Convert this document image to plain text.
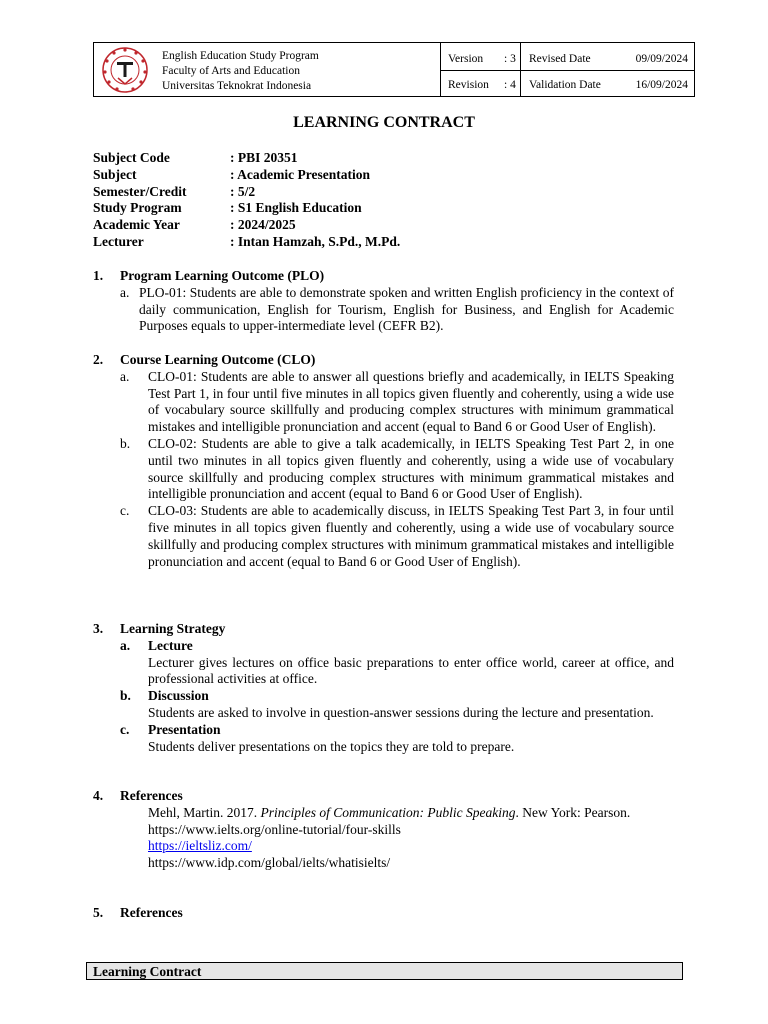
English Education Study Program
Faculty of Arts and Education
Universitas Teknokrat Indonesia
Version : 3
Revision : 4
Revised Date	09/09/2024
Validation Date	16/09/2024
LEARNING CONTRACT
Subject Code	: PBI 20351
Subject	: Academic Presentation
Semester/Credit	: 5/2
Study Program	: S1 English Education
Academic Year	: 2024/2025
Lecturer	: Intan Hamzah, S.Pd., M.Pd.
1.	Program Learning Outcome (PLO)
a. PLO-01: Students are able to demonstrate spoken and written English proficiency in the context of daily communication, English for Tourism, English for Business, and English for Academic Purposes equals to upper-intermediate level (CEFR B2).
2.	Course Learning Outcome (CLO)
a.	CLO-01: Students are able to answer all questions briefly and academically, in IELTS Speaking Test Part 1, in four until five minutes in all topics given fluently and coherently, using a wide use of vocabulary source skillfully and producing complex structures with minimum grammatical mistakes and intelligible pronunciation and accent (equal to Band 6 or Good User of English).
b.	CLO-02: Students are able to give a talk academically, in IELTS Speaking Test Part 2, in one until two minutes in all topics given fluently and coherently, using a wide use of vocabulary source skillfully and producing complex structures with minimum grammatical mistakes and intelligible pronunciation and accent (equal to Band 6 or Good User of English).
c.	CLO-03: Students are able to academically discuss, in IELTS Speaking Test Part 3, in four until five minutes in all topics given fluently and coherently, using a wide use of vocabulary source skillfully and producing complex structures with minimum grammatical mistakes and intelligible pronunciation and accent (equal to Band 6 or Good User of English).
3.	Learning Strategy
a.	Lecture
Lecturer gives lectures on office basic preparations to enter office world, career at office, and professional activities at office.
b.	Discussion
Students are asked to involve in question-answer sessions during the lecture and presentation.
c.	Presentation
Students deliver presentations on the topics they are told to prepare.
4.	References
Mehl, Martin. 2017. Principles of Communication: Public Speaking. New York: Pearson.
https://www.ielts.org/online-tutorial/four-skills
https://ieltsliz.com/
https://www.idp.com/global/ielts/whatisielts/
5.	References
Learning Contract
